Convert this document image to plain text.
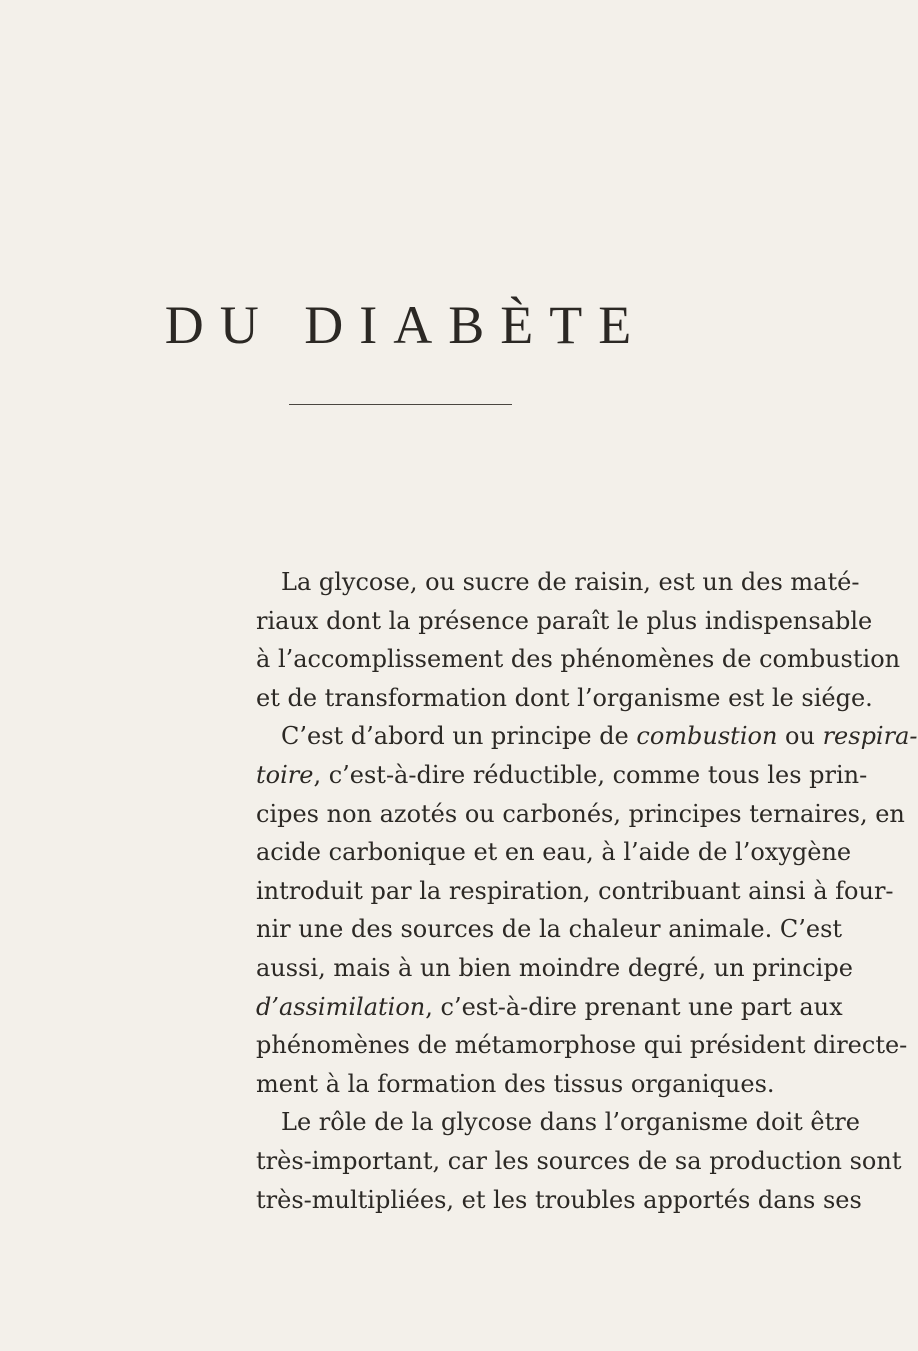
DU DIABÈTE

La glycose, ou sucre de raisin, est un des maté-
riaux dont la présence paraît le plus indispensable
à l’accomplissement des phénomènes de combustion
et de transformation dont l’organisme est le siége.

C’est d’abord un principe de combustion ou respira-
toire, c’est-à-dire réductible, comme tous les prin-
cipes non azotés ou carbonés, principes ternaires, en
acide carbonique et en eau, à l’aide de l’oxygène
introduit par la respiration, contribuant ainsi à four-
nir une des sources de la chaleur animale. C’est
aussi, mais à un bien moindre degré, un principe
d’assimilation, c’est-à-dire prenant une part aux
phénomènes de métamorphose qui président directe-
ment à la formation des tissus organiques.

Le rôle de la glycose dans l’organisme doit être
très-important, car les sources de sa production sont
très-multipliées, et les troubles apportés dans ses
